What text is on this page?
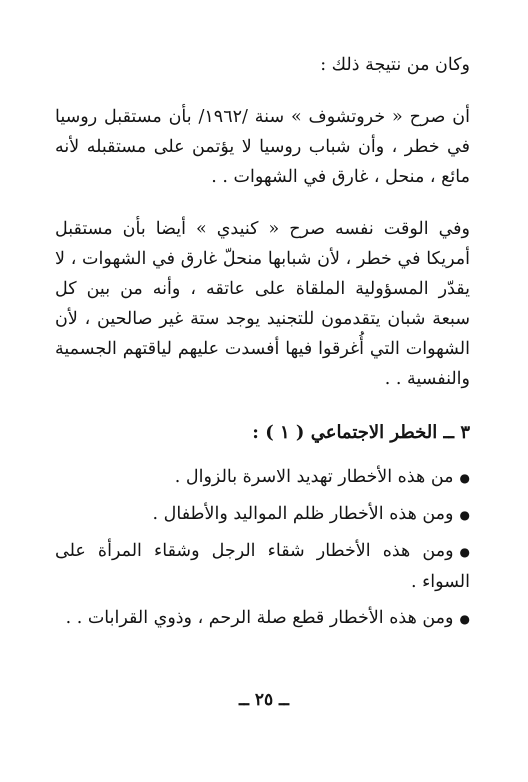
وكان من نتيجة ذلك :

أن صرح « خروتشوف » سنة /١٩٦٢/ بأن مستقبل روسيا في خطر ، وأن شباب روسيا لا يؤتمن على مستقبله لأنه مائع ، منحل ، غارق في الشهوات . .

وفي الوقت نفسه صرح « كنيدي » أيضا بأن مستقبل أمريكا في خطر ، لأن شبابها منحلّ غارق في الشهوات ، لا يقدّر المسؤولية الملقاة على عاتقه ، وأنه من بين كل سبعة شبان يتقدمون للتجنيد يوجد ستة غير صالحين ، لأن الشهوات التي أُغرقوا فيها أفسدت عليهم لياقتهم الجسمية والنفسية . .

٣ ــ الخطر الاجتماعي ( ١ ) :

●من هذه الأخطار تهديد الاسرة بالزوال .
●ومن هذه الأخطار ظلم المواليد والأطفال .
●ومن هذه الأخطار شقاء الرجل وشقاء المرأة على السواء .
●ومن هذه الأخطار قطع صلة الرحم ، وذوي القرابات . .
ــ ٢٥ ــ
